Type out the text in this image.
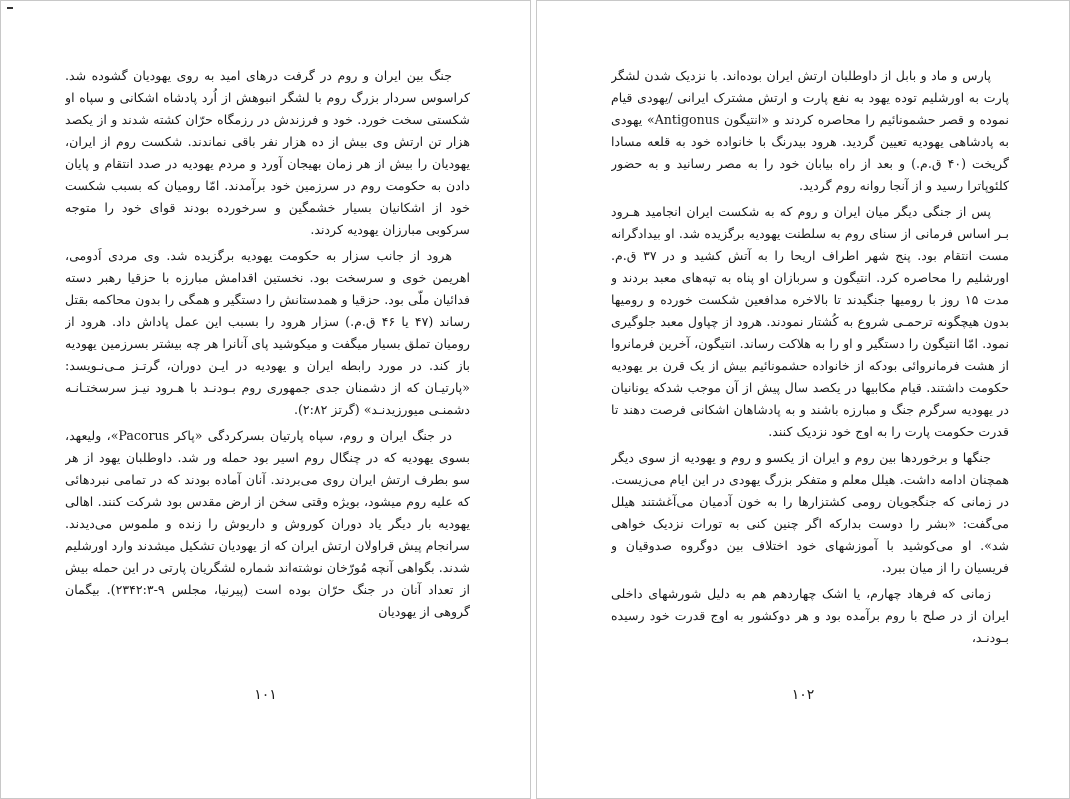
جنگ بین ایران و روم در گرفت درهای امید به روی یهودیان گشوده شد. کراسوس سردار بزرگ روم با لشگر انبوهش از اُرد پادشاه اشکانی و سپاه او شکستی سخت خورد. خود و فرزندش در رزمگاه حرّان کشته شدند و از یکصد هزار تن ارتش وی بیش از ده هزار نفر باقی نماندند. شکست روم از ایران، یهودیان را بیش از هر زمان بهیجان آورد و مردم یهودیه در صدد انتقام و پایان دادن به حکومت روم در سرزمین خود برآمدند. امّا رومیان که بسبب شکست خود از اشکانیان بسیار خشمگین و سرخورده بودند قوای خود را متوجه سرکوبی مبارزان یهودیه کردند.

هرود از جانب سزار به حکومت یهودیه برگزیده شد. وی مردی اَدومی، اهریمن خوی و سرسخت بود. نخستین اقدامش مبارزه با حزقیا رهبر دسته فدائیان ملّی بود. حزقیا و همدستانش را دستگیر و همگی را بدون محاکمه بقتل رساند (۴۷ یا ۴۶ ق.م.) سزار هرود را بسبب این عمل پاداش داد. هرود از رومیان تملق بسیار میگفت و میکوشید پای آنانرا هر چه بیشتر بسرزمین یهودیه باز کند. در مورد رابطه ایران و یهودیه در ایـن دوران، گرتـز مـی‌نـویسد: «پارتیـان که از دشمنان جدی جمهوری روم بـودنـد با هـرود نیـز سرسختـانـه دشمنـی میورزیدنـد» (گرتز ۲:۸۲).

در جنگ ایران و روم، سپاه پارتیان بسرکردگی «پاکر Pacorus»، ولیعهد، بسوی یهودیه که در چنگال روم اسیر بود حمله ور شد. داوطلبان یهود از هر سو بطرف ارتش ایران روی می‌بردند. آنان آماده بودند که در تمامی نبردهائی که علیه روم میشود، بویژه وقتی سخن از ارض مقدس بود شرکت کنند. اهالی یهودیه بار دیگر یاد دوران کوروش و داریوش را زنده و ملموس می‌دیدند. سرانجام پیش قراولان ارتش ایران که از یهودیان تشکیل میشدند وارد اورشلیم شدند. بگواهی آنچه مُورّخان نوشته‌اند شماره لشگریان پارتی در این حمله بیش از تعداد آنان در جنگ حرّان بوده است (پیرنیا، مجلس ۹-۲۳۴۲:۳). بیگمان گروهی از یهودیان

۱۰۱

پارس و ماد و بابل از داوطلبان ارتش ایران بوده‌اند. با نزدیک شدن لشگر پارت به اورشلیم توده یهود به نفع پارت و ارتش مشترک ایرانی /یهودی قیام نموده و قصر حشمونائیم را محاصره کردند و «انتیگون Antigonus» یهودی به پادشاهی یهودیه تعیین گردید. هرود بیدرنگ با خانواده خود به قلعه مسادا گریخت (۴۰ ق.م.) و بعد از راه بیابان خود را به مصر رسانید و به حضور کلئوپاترا رسید و از آنجا روانه روم گردید.

پس از جنگی دیگر میان ایران و روم که به شکست ایران انجامید هـرود بـر اساس فرمانی از سنای روم به سلطنت یهودیه برگزیده شد. او بیدادگرانه مست انتقام بود. پنج شهر اطراف اریحا را به آتش کشید و در ۳۷ ق.م. اورشلیم را محاصره کرد. انتیگون و سربازان او پناه به تپه‌های معبد بردند و مدت ۱۵ روز با رومیها جنگیدند تا بالاخره مدافعین شکست خورده و رومیها بدون هیچگونه ترحمـی شروع به کُشتار نمودند. هرود از چپاول معبد جلوگیری نمود. امّا انتیگون را دستگیر و او را به هلاکت رساند. انتیگون، آخرین فرمانروا از هشت فرمانروائی بودکه از خانواده حشمونائیم بیش از یک قرن بر یهودیه حکومت داشتند. قیام مکابیها در یکصد سال پیش از آن موجب شدکه یونانیان در یهودیه سرگرم جنگ و مبارزه باشند و به پادشاهان اشکانی فرصت دهند تا قدرت حکومت پارت را به اوج خود نزدیک کنند.

جنگها و برخوردها بین روم و ایران از یکسو و روم و یهودیه از سوی دیگر همچنان ادامه داشت. هیلل معلم و متفکر بزرگ یهودی در این ایام می‌زیست. در زمانی که جنگجویان رومی کشتزارها را به خون آدمیان می‌آغشتند هیلل می‌گفت: «بشر را دوست بدارکه اگر چنین کنی به تورات نزدیک خواهی شد». او می‌کوشید با آموزشهای خود اختلاف بین دوگروه صدوقیان و فریسیان را از میان ببرد.

زمانی که فرهاد چهارم، یا اشک چهاردهم هم به دلیل شورشهای داخلی ایران از در صلح با روم برآمده بود و هر دوکشور به اوج قدرت خود رسیده بـودنـد،

۱۰۲
